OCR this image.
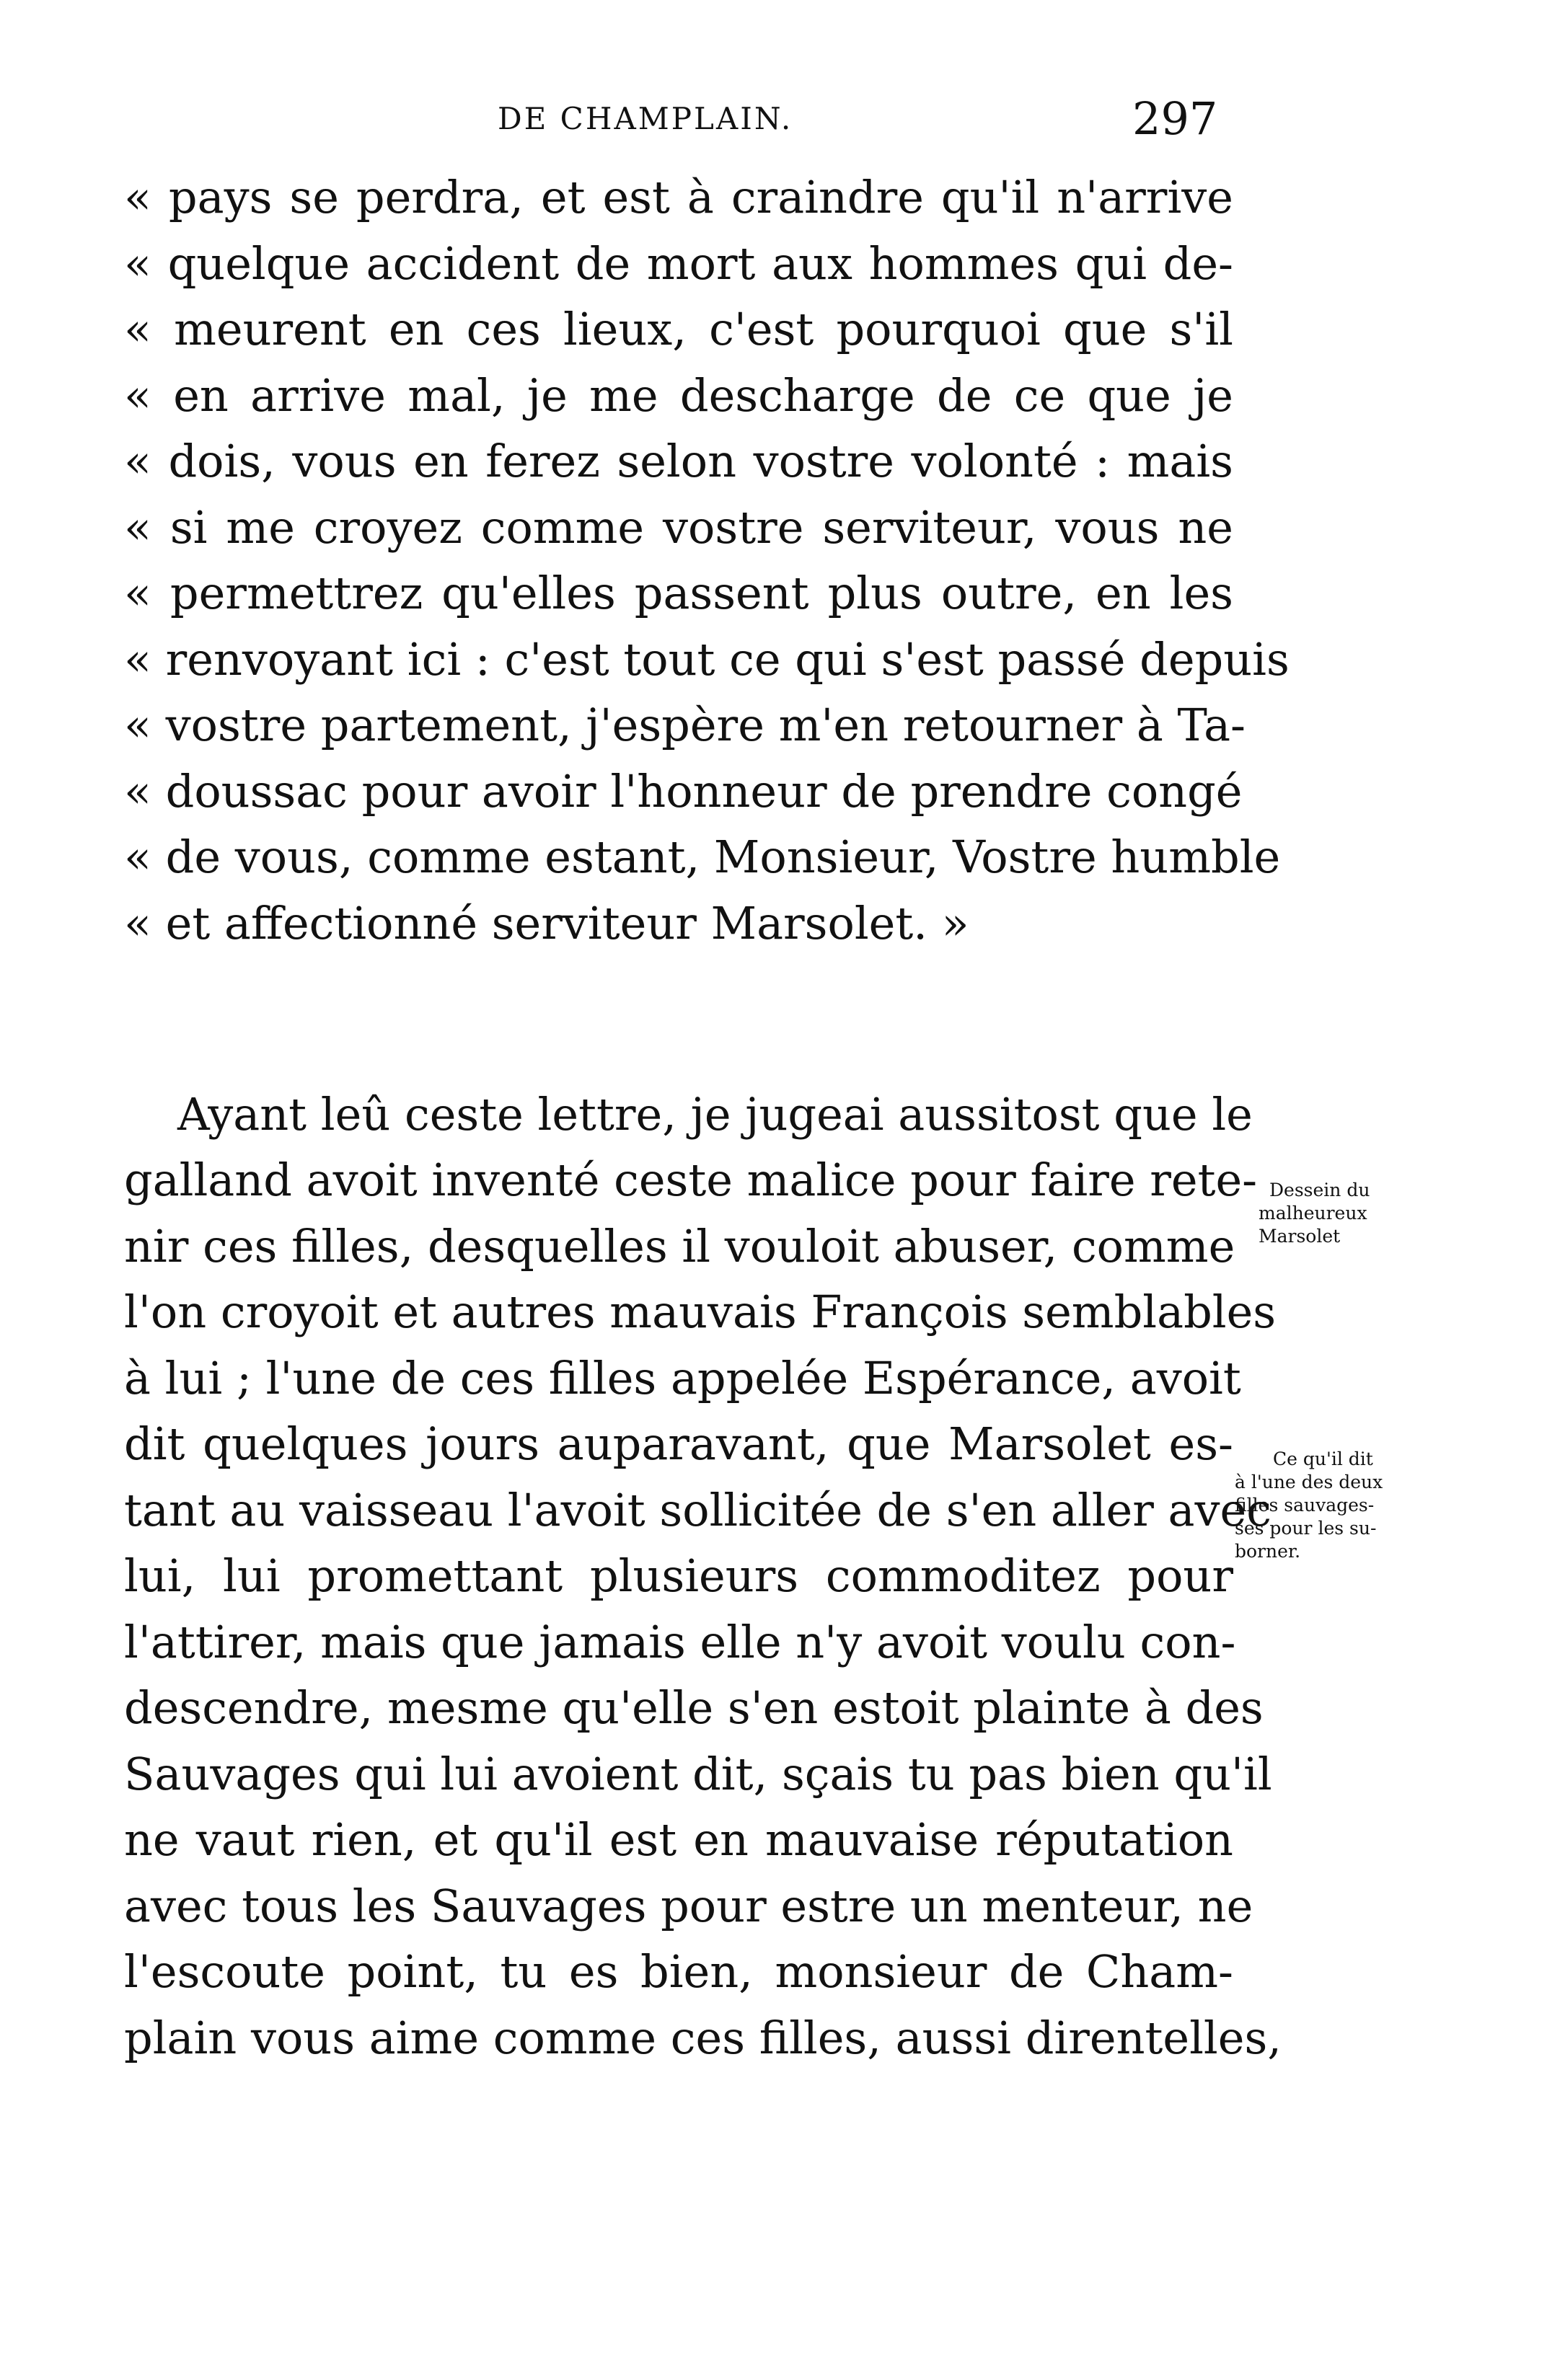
DE CHAMPLAIN.	297
« pays se perdra, et est à craindre qu'il n'arrive
« quelque accident de mort aux hommes qui de-
« meurent en ces lieux, c'est pourquoi que s'il
« en arrive mal, je me descharge de ce que je
« dois, vous en ferez selon vostre volonté : mais
« si me croyez comme vostre serviteur, vous ne
« permettrez qu'elles passent plus outre, en les
« renvoyant ici : c'est tout ce qui s'est passé depuis
« vostre partement, j'espère m'en retourner à Ta-
« doussac pour avoir l'honneur de prendre congé
« de vous, comme estant, Monsieur, Vostre humble
« et affectionné serviteur Marsolet. »
Ayant leû ceste lettre, je jugeai aussitost que le
galland avoit inventé ceste malice pour faire rete-
nir ces filles, desquelles il vouloit abuser, comme
l'on croyoit et autres mauvais François semblables
à lui ; l'une de ces filles appelée Espérance, avoit
dit quelques jours auparavant, que Marsolet es-
tant au vaisseau l'avoit sollicitée de s'en aller avec
lui, lui promettant plusieurs commoditez pour
l'attirer, mais que jamais elle n'y avoit voulu con-
descendre, mesme qu'elle s'en estoit plainte à des
Sauvages qui lui avoient dit, sçais tu pas bien qu'il
ne vaut rien, et qu'il est en mauvaise réputation
avec tous les Sauvages pour estre un menteur, ne
l'escoute point, tu es bien, monsieur de Cham-
plain vous aime comme ces filles, aussi direntelles,
Dessein du
malheureux
Marsolet
Ce qu'il dit
à l'une des deux
filles sauvages-
ses pour les su-
borner.
